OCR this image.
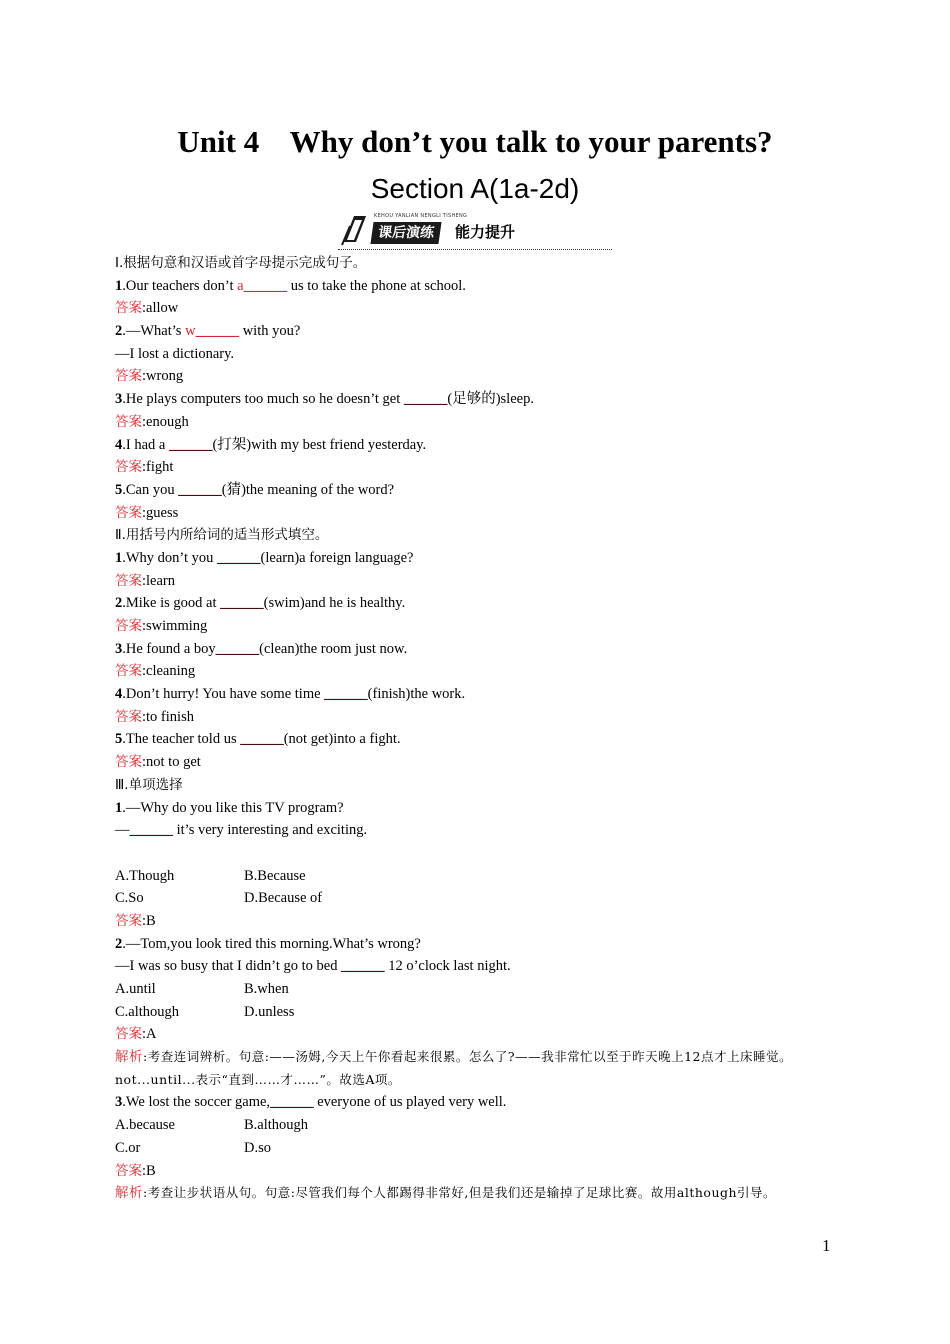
Unit 4    Why don’t you talk to your parents?
Section A(1a-2d)
KEHOU YANLIAN NENGLI TISHENG
课后演练	能力提升
Ⅰ.根据句意和汉语或首字母提示完成句子。
1.Our teachers don’t a______ us to take the phone at school.
答案:allow
2.—What’s w______ with you?
—I lost a dictionary.
答案:wrong
3.He plays computers too much so he doesn’t get ______(足够的)sleep.
答案:enough
4.I had a ______(打架)with my best friend yesterday.
答案:fight
5.Can you ______(猜)the meaning of the word?
答案:guess
Ⅱ.用括号内所给词的适当形式填空。
1.Why don’t you ______(learn)a foreign language?
答案:learn
2.Mike is good at ______(swim)and he is healthy.
答案:swimming
3.He found a boy______(clean)the room just now.
答案:cleaning
4.Don’t hurry! You have some time ______(finish)the work.
答案:to finish
5.The teacher told us ______(not get)into a fight.
答案:not to get
Ⅲ.单项选择
1.—Why do you like this TV program?
—______ it’s very interesting and exciting.
A.Though	B.Because
C.So	D.Because of
答案:B
2.—Tom,you look tired this morning.What’s wrong?
—I was so busy that I didn’t go to bed ______ 12 o’clock last night.
A.until	B.when
C.although	D.unless
答案:A
解析:考查连词辨析。句意:——汤姆,今天上午你看起来很累。怎么了?——我非常忙以至于昨天晚上12点才上床睡觉。not...until...表示“直到……才……”。故选A项。
3.We lost the soccer game,______ everyone of us played very well.
A.because	B.although
C.or	D.so
答案:B
解析:考查让步状语从句。句意:尽管我们每个人都踢得非常好,但是我们还是输掉了足球比赛。故用although引导。
1
